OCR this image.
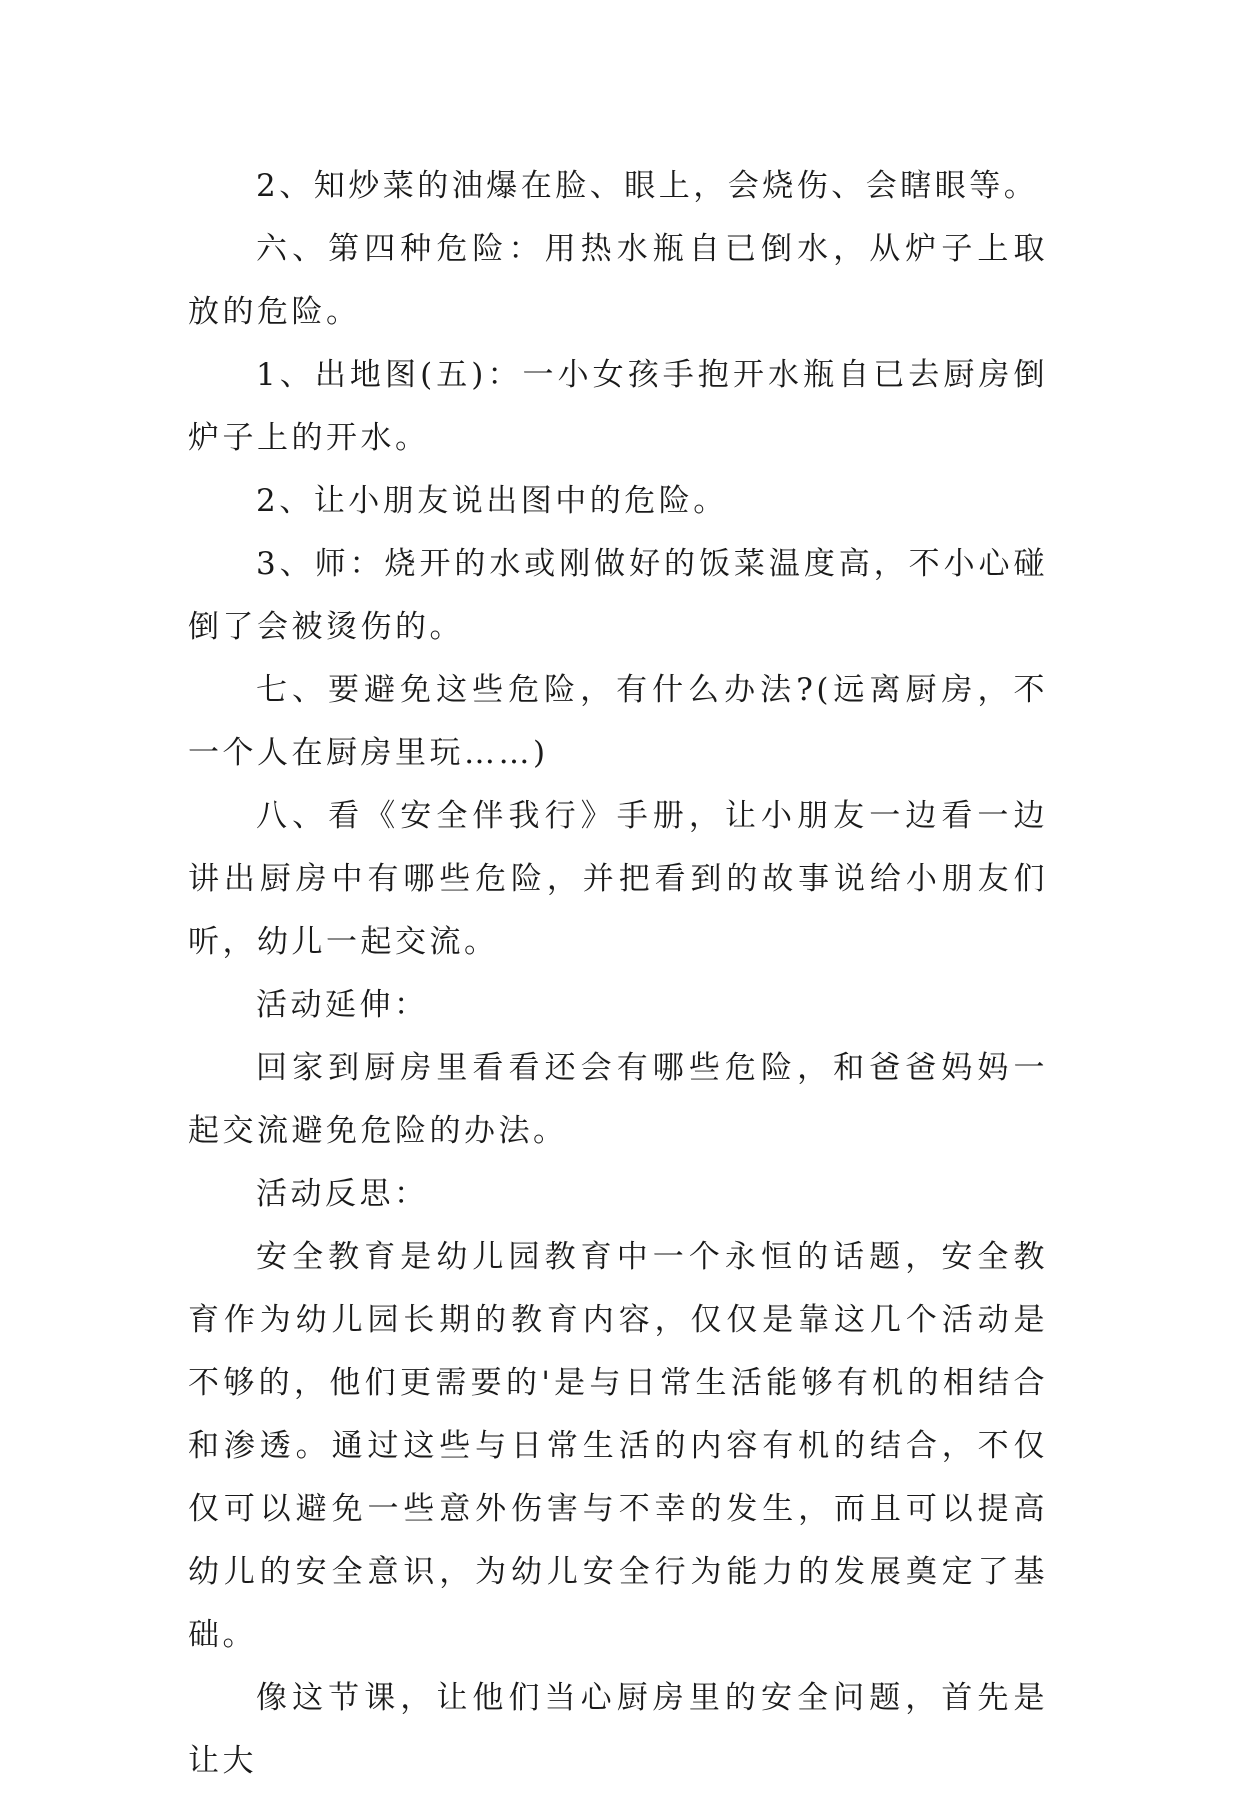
2、知炒菜的油爆在脸、眼上，会烧伤、会瞎眼等。

六、第四种危险：用热水瓶自已倒水，从炉子上取放的危险。

1、出地图(五)：一小女孩手抱开水瓶自已去厨房倒炉子上的开水。

2、让小朋友说出图中的危险。

3、师：烧开的水或刚做好的饭菜温度高，不小心碰倒了会被烫伤的。

七、要避免这些危险，有什么办法?(远离厨房，不一个人在厨房里玩……)

八、看《安全伴我行》手册，让小朋友一边看一边讲出厨房中有哪些危险，并把看到的故事说给小朋友们听，幼儿一起交流。

活动延伸：

回家到厨房里看看还会有哪些危险，和爸爸妈妈一起交流避免危险的办法。

活动反思：

安全教育是幼儿园教育中一个永恒的话题，安全教育作为幼儿园长期的教育内容，仅仅是靠这几个活动是不够的，他们更需要的'是与日常生活能够有机的相结合和渗透。通过这些与日常生活的内容有机的结合，不仅仅可以避免一些意外伤害与不幸的发生，而且可以提高幼儿的安全意识，为幼儿安全行为能力的发展奠定了基础。

像这节课，让他们当心厨房里的安全问题，首先是让大
